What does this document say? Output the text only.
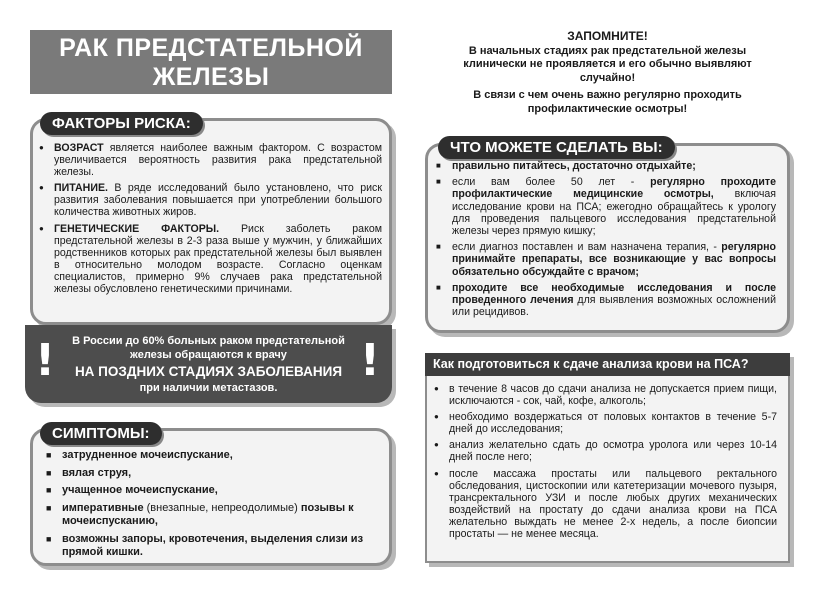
РАК ПРЕДСТАТЕЛЬНОЙ
ЖЕЛЕЗЫ
ФАКТОРЫ РИСКА:
● ВОЗРАСТ является наиболее важным фактором. С возрастом увеличивается вероятность развития рака предстательной железы.
● ПИТАНИЕ. В ряде исследований было установлено, что риск развития заболевания повышается при употреблении большого количества животных жиров.
● ГЕНЕТИЧЕСКИЕ ФАКТОРЫ. Риск заболеть раком предстательной железы в 2-3 раза выше у мужчин, у ближайших родственников которых рак предстательной железы был выявлен в относительно молодом возрасте. Согласно оценкам специалистов, примерно 9% случаев рака предстательной железы обусловлено генетическими причинами.
!	!
В России до 60% больных раком предстательной железы обращаются к врачу
НА ПОЗДНИХ СТАДИЯХ ЗАБОЛЕВАНИЯ
при наличии метастазов.
СИМПТОМЫ:
■ затрудненное мочеиспускание,
■ вялая струя,
■ учащенное мочеиспускание,
■ императивные (внезапные, непреодолимые) позывы к мочеиспусканию,
■ возможны запоры, кровотечения, выделения слизи из прямой кишки.
ЗАПОМНИТЕ!
В начальных стадиях рак предстательной железы клинически не проявляется и его обычно выявляют случайно!
В связи с чем очень важно регулярно проходить профилактические осмотры!
ЧТО МОЖЕТЕ СДЕЛАТЬ ВЫ:
■ правильно питайтесь, достаточно отдыхайте;
■ если вам более 50 лет - регулярно проходите профилактические медицинские осмотры, включая исследование крови на ПСА; ежегодно обращайтесь к урологу для проведения пальцевого исследования предстательной железы через прямую кишку;
■ если диагноз поставлен и вам назначена терапия, - регулярно принимайте препараты, все возникающие у вас вопросы обязательно обсуждайте с врачом;
■ проходите все необходимые исследования и после проведенного лечения для выявления возможных осложнений или рецидивов.
Как подготовиться к сдаче анализа крови на ПСА?
● в течение 8 часов до сдачи анализа не допускается прием пищи, исключаются - сок, чай, кофе, алкоголь;
● необходимо воздержаться от половых контактов в течение 5-7 дней до исследования;
● анализ желательно сдать до осмотра уролога или через 10-14 дней после него;
● после массажа простаты или пальцевого ректального обследования, цистоскопии или катетеризации мочевого пузыря, трансректального УЗИ и после любых других механических воздействий на простату до сдачи анализа крови на ПСА желательно выждать не менее 2-х недель, а после биопсии простаты — не менее месяца.
